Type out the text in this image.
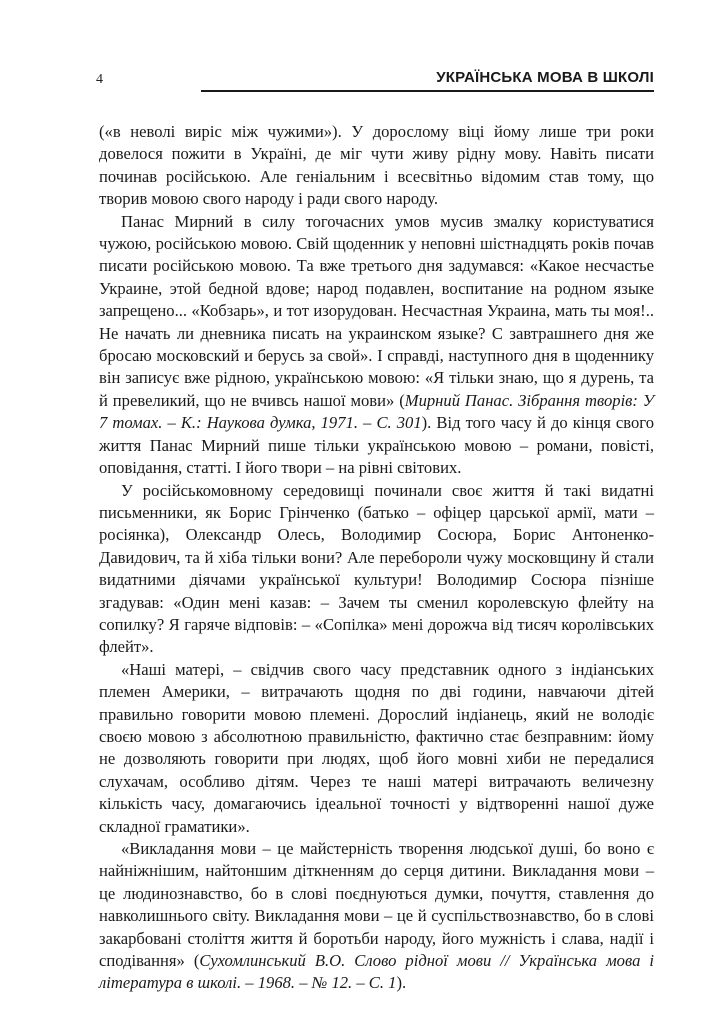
4	УКРАЇНСЬКА МОВА В ШКОЛІ

(«в неволі виріс між чужими»). У дорослому віці йому лише три роки довелося пожити в Україні, де міг чути живу рідну мову. Навіть писати починав російською. Але геніальним і всесвітньо відомим став тому, що творив мовою свого народу і ради свого народу.

Панас Мирний в силу тогочасних умов мусив змалку користуватися чужою, російською мовою. Свій щоденник у неповні шістнадцять років почав писати російською мовою. Та вже третього дня задумався: «Какое несчастье Украине, этой бедной вдове; народ подавлен, воспитание на родном языке запрещено... «Кобзарь», и тот изорудован. Несчастная Украина, мать ты моя!.. Не начать ли дневника писать на украинском языке? С завтрашнего дня же бросаю московский и берусь за свой». І справді, наступного дня в щоденнику він записує вже рідною, українською мовою: «Я тільки знаю, що я дурень, та й превеликий, що не вчивсь нашої мови» (Мирний Панас. Зібрання творів: У 7 томах. – К.: Наукова думка, 1971. – С. 301). Від того часу й до кінця свого життя Панас Мирний пише тільки українською мовою – романи, повісті, оповідання, статті. І його твори – на рівні світових.

У російськомовному середовищі починали своє життя й такі видатні письменники, як Борис Грінченко (батько – офіцер царської армії, мати – росіянка), Олександр Олесь, Володимир Сосюра, Борис Антоненко-Давидович, та й хіба тільки вони? Але переборoли чужу московщину й стали видатними діячами української культури! Володимир Сосюра пізніше згадував: «Один мені казав: – Зачем ты сменил королевскую флейту на сопилку? Я гаряче відповів: – «Сопілка» мені дорожча від тисяч королівських флейт».

«Наші матері, – свідчив свого часу представник одного з індіанських племен Америки, – витрачають щодня по дві години, навчаючи дітей правильно говорити мовою племені. Дорослий індіанець, який не володіє своєю мовою з абсолютною правильністю, фактично стає безправним: йому не дозволяють говорити при людях, щоб його мовні хиби не передалися слухачам, особливо дітям. Через те наші матері витрачають величезну кількість часу, домагаючись ідеальної точності у відтворенні нашої дуже складної граматики».

«Викладання мови – це майстерність творення людської душі, бо воно є найніжнішим, найтоншим діткненням до серця дитини. Викладання мови – це людинознавство, бо в слові поєднуються думки, почуття, ставлення до навколишнього світу. Викладання мови – це й суспільствознавство, бо в слові закарбовані століття життя й боротьби народу, його мужність і слава, надії і сподівання» (Сухомлинський В.О. Слово рідної мови // Українська мова і література в школі. – 1968. – № 12. – С. 1).
